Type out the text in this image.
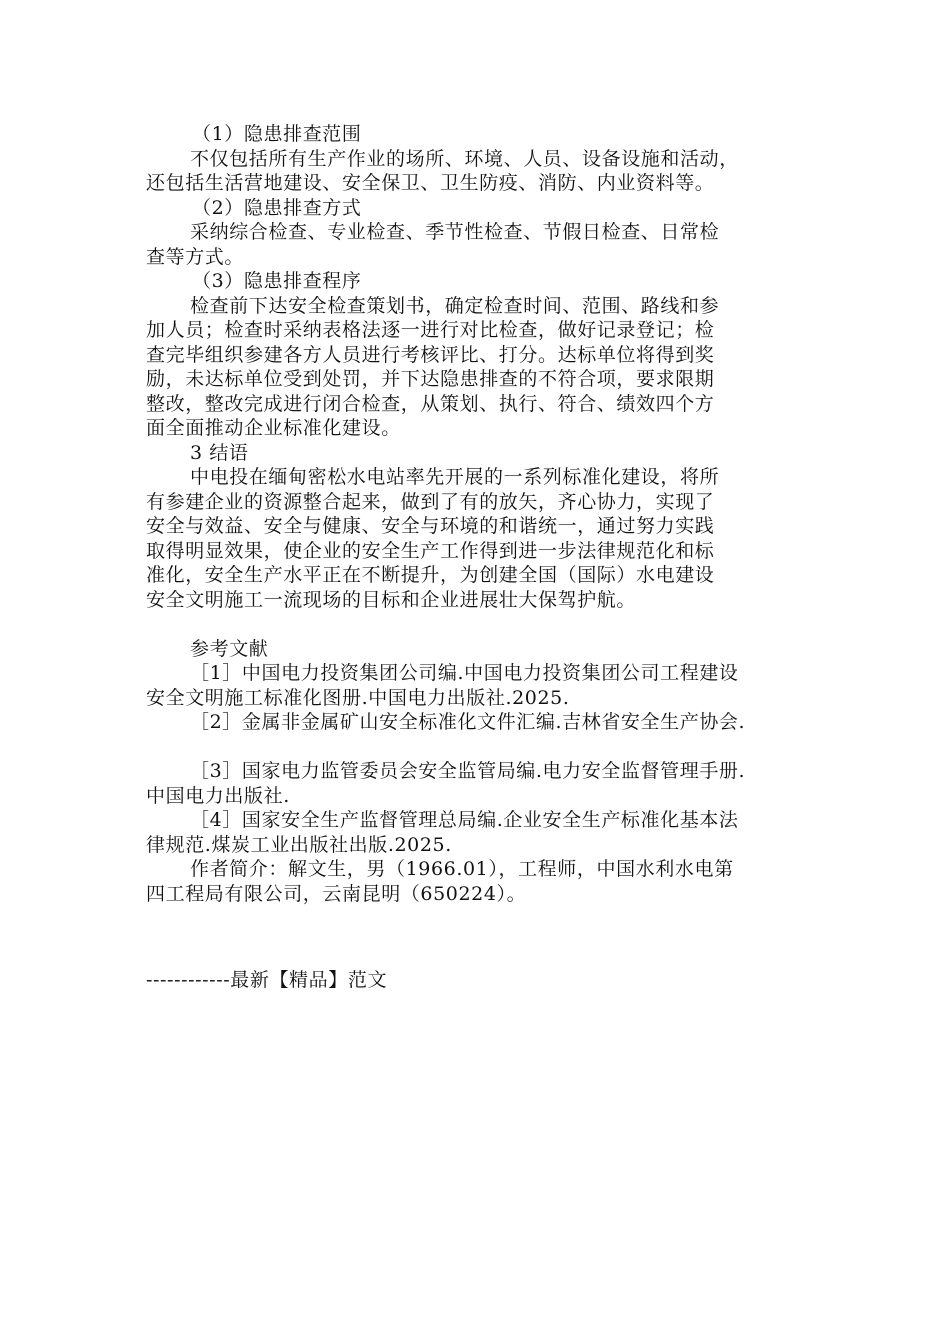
（1）隐患排查范围
不仅包括所有生产作业的场所、环境、人员、设备设施和活动，
还包括生活营地建设、安全保卫、卫生防疫、消防、内业资料等。
（2）隐患排查方式
采纳综合检查、专业检查、季节性检查、节假日检查、日常检
查等方式。
（3）隐患排查程序
检查前下达安全检查策划书，确定检查时间、范围、路线和参
加人员；检查时采纳表格法逐一进行对比检查，做好记录登记；检
查完毕组织参建各方人员进行考核评比、打分。达标单位将得到奖
励，未达标单位受到处罚，并下达隐患排查的不符合项，要求限期
整改，整改完成进行闭合检查，从策划、执行、符合、绩效四个方
面全面推动企业标准化建设。
3 结语
中电投在缅甸密松水电站率先开展的一系列标准化建设，将所
有参建企业的资源整合起来，做到了有的放矢，齐心协力，实现了
安全与效益、安全与健康、安全与环境的和谐统一，通过努力实践
取得明显效果，使企业的安全生产工作得到进一步法律规范化和标
准化，安全生产水平正在不断提升，为创建全国（国际）水电建设
安全文明施工一流现场的目标和企业进展壮大保驾护航。
参考文献
［1］中国电力投资集团公司编.中国电力投资集团公司工程建设
安全文明施工标准化图册.中国电力出版社.2025.
［2］金属非金属矿山安全标准化文件汇编.吉林省安全生产协会.
［3］国家电力监管委员会安全监管局编.电力安全监督管理手册.
中国电力出版社.
［4］国家安全生产监督管理总局编.企业安全生产标准化基本法
律规范.煤炭工业出版社出版.2025.
作者简介：解文生，男（1966.01），工程师，中国水利水电第
四工程局有限公司，云南昆明（650224）。
------------最新【精品】范文
